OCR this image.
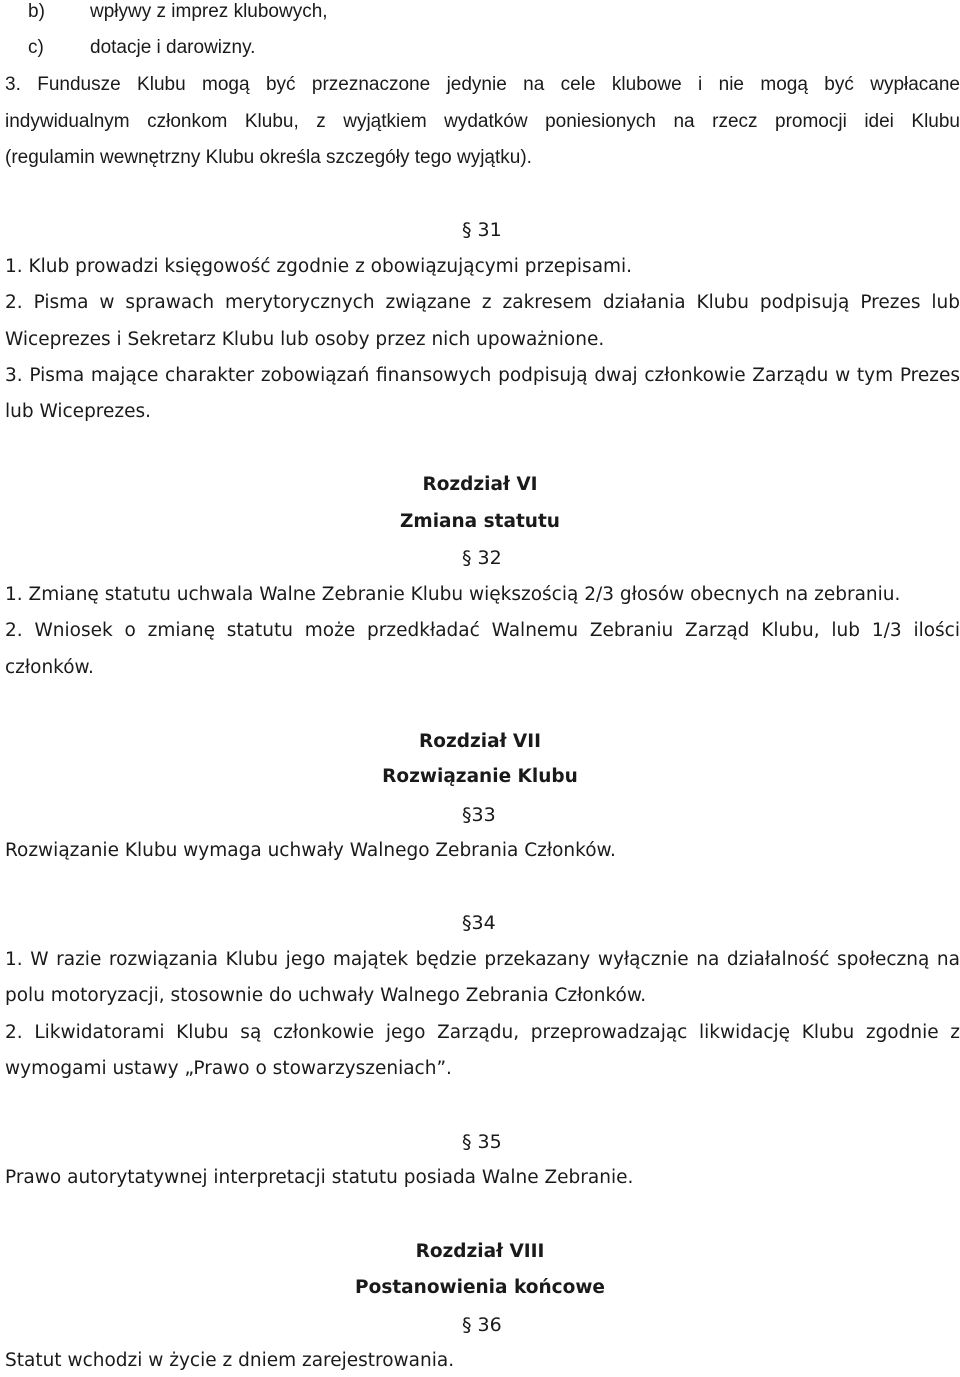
b) wpływy z imprez klubowych,
c) dotacje i darowizny.
3. Fundusze Klubu mogą być przeznaczone jedynie na cele klubowe i nie mogą być wypłacane
indywidualnym członkom Klubu, z wyjątkiem wydatków poniesionych na rzecz promocji idei Klubu
(regulamin wewnętrzny Klubu określa szczegóły tego wyjątku).
§ 31
1. Klub prowadzi księgowość zgodnie z obowiązującymi przepisami.
2. Pisma w sprawach merytorycznych związane z zakresem działania Klubu podpisują Prezes lub
Wiceprezes i Sekretarz Klubu lub osoby przez nich upoważnione.
3. Pisma mające charakter zobowiązań finansowych podpisują dwaj członkowie Zarządu w tym Prezes
lub Wiceprezes.
Rozdział VI
Zmiana statutu
§ 32
1. Zmianę statutu uchwala Walne Zebranie Klubu większością 2/3 głosów obecnych na zebraniu.
2. Wniosek o zmianę statutu może przedkładać Walnemu Zebraniu Zarząd Klubu, lub 1/3 ilości
członków.
Rozdział VII
Rozwiązanie Klubu
§33
Rozwiązanie Klubu wymaga uchwały Walnego Zebrania Członków.
§34
1. W razie rozwiązania Klubu jego majątek będzie przekazany wyłącznie na działalność społeczną na
polu motoryzacji, stosownie do uchwały Walnego Zebrania Członków.
2. Likwidatorami Klubu są członkowie jego Zarządu, przeprowadzając likwidację Klubu zgodnie z
wymogami ustawy „Prawo o stowarzyszeniach”.
§ 35
Prawo autorytatywnej interpretacji statutu posiada Walne Zebranie.
Rozdział VIII
Postanowienia końcowe
§ 36
Statut wchodzi w życie z dniem zarejestrowania.
